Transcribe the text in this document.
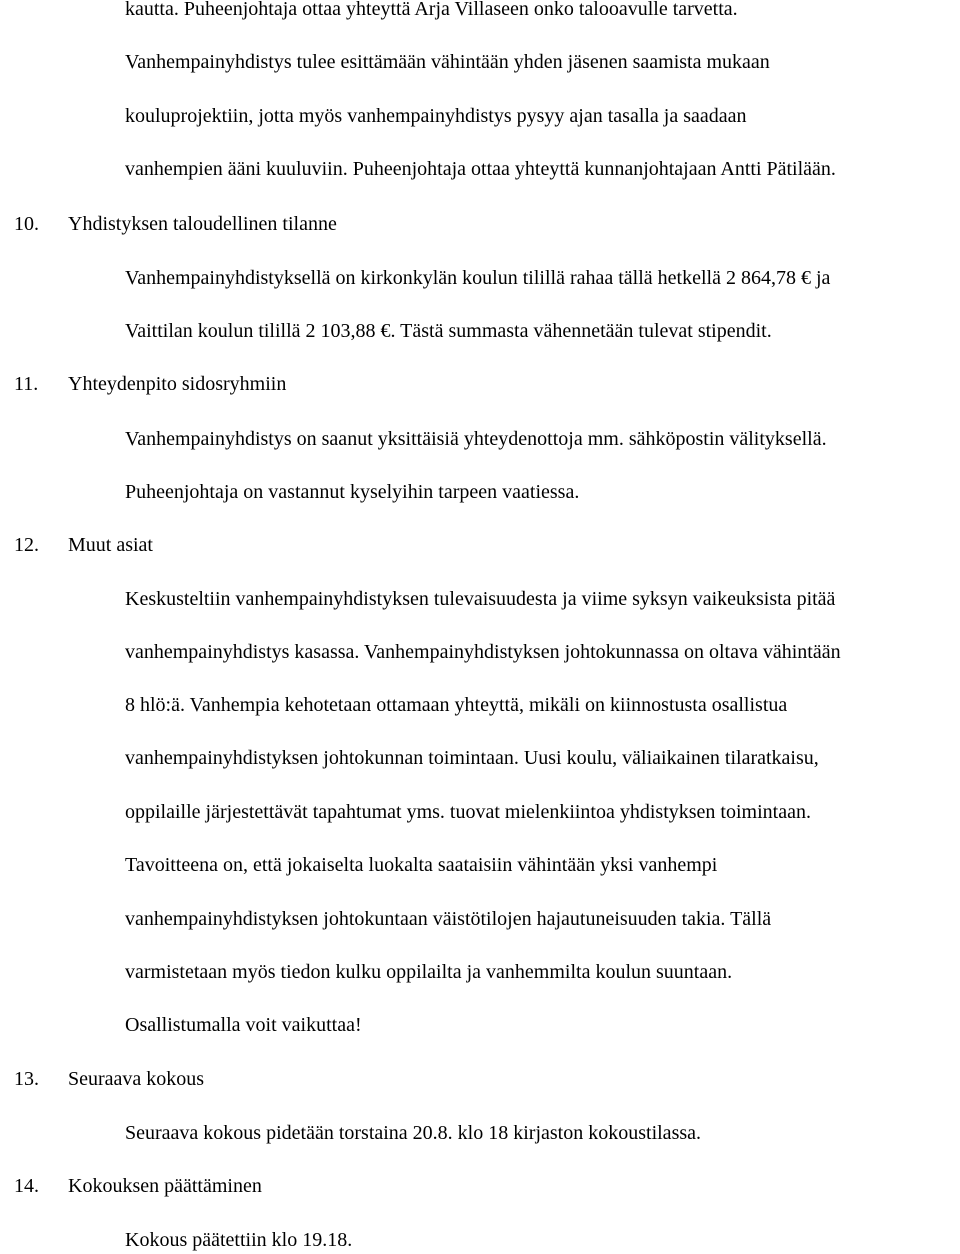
kautta. Puheenjohtaja ottaa yhteyttä Arja Villaseen onko talooavulle tarvetta.
Vanhempainyhdistys tulee esittämään vähintään yhden jäsenen saamista mukaan
kouluprojektiin, jotta myös vanhempainyhdistys pysyy ajan tasalla ja saadaan
vanhempien ääni kuuluviin. Puheenjohtaja ottaa yhteyttä kunnanjohtajaan Antti Pätilään.
10. Yhdistyksen taloudellinen tilanne
Vanhempainyhdistyksellä on kirkonkylän koulun tilillä rahaa tällä hetkellä 2 864,78 € ja
Vaittilan koulun tilillä 2 103,88 €. Tästä summasta vähennetään tulevat stipendit.
11. Yhteydenpito sidosryhmiin
Vanhempainyhdistys on saanut yksittäisiä yhteydenottoja mm. sähköpostin välityksellä.
Puheenjohtaja on vastannut kyselyihin tarpeen vaatiessa.
12. Muut asiat
Keskusteltiin vanhempainyhdistyksen tulevaisuudesta ja viime syksyn vaikeuksista pitää
vanhempainyhdistys kasassa. Vanhempainyhdistyksen johtokunnassa on oltava vähintään
8 hlö:ä. Vanhempia kehotetaan ottamaan yhteyttä, mikäli on kiinnostusta osallistua
vanhempainyhdistyksen johtokunnan toimintaan. Uusi koulu, väliaikainen tilaratkaisu,
oppilaille järjestettävät tapahtumat yms. tuovat mielenkiintoa yhdistyksen toimintaan.
Tavoitteena on, että jokaiselta luokalta saataisiin vähintään yksi vanhempi
vanhempainyhdistyksen johtokuntaan väistötilojen hajautuneisuuden takia. Tällä
varmistetaan myös tiedon kulku oppilailta ja vanhemmilta koulun suuntaan.
Osallistumalla voit vaikuttaa!
13. Seuraava kokous
Seuraava kokous pidetään torstaina 20.8. klo 18 kirjaston kokoustilassa.
14. Kokouksen päättäminen
Kokous päätettiin klo 19.18.
